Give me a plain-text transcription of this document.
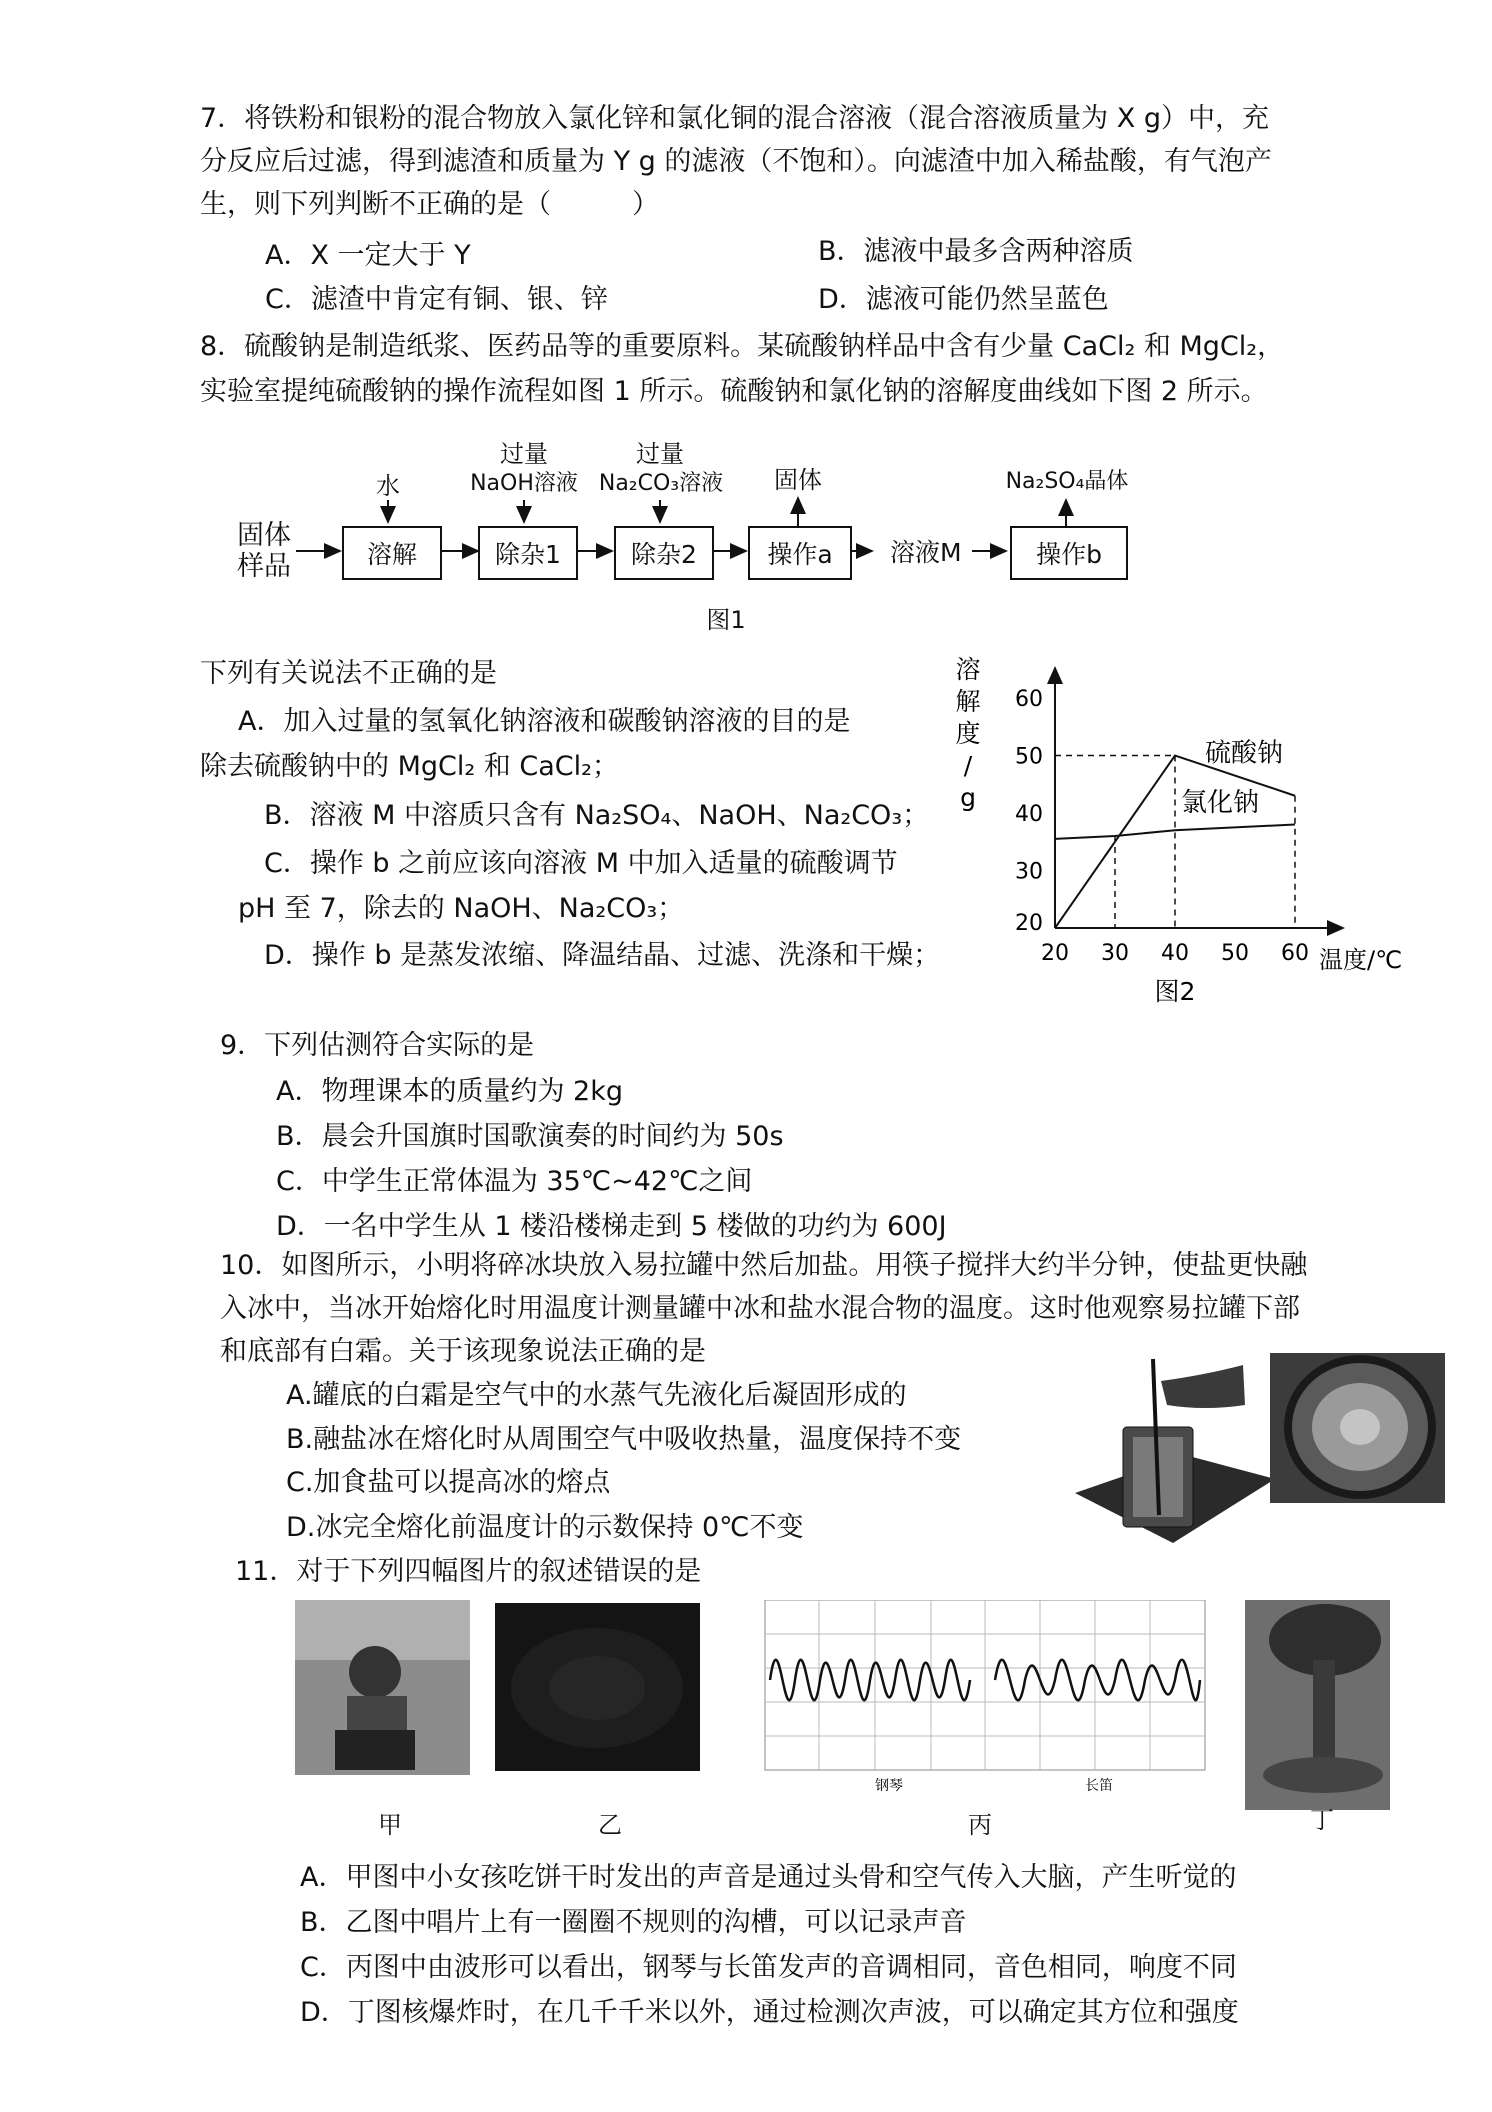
7．将铁粉和银粉的混合物放入氯化锌和氯化铜的混合溶液（混合溶液质量为 X g）中，充
分反应后过滤，得到滤渣和质量为 Y g 的滤液（不饱和）。向滤渣中加入稀盐酸，有气泡产
生，则下列判断不正确的是（　　　）
A．X 一定大于 Y	B．滤液中最多含两种溶质
C．滤渣中肯定有铜、银、锌	D．滤液可能仍然呈蓝色
8．硫酸钠是制造纸浆、医药品等的重要原料。某硫酸钠样品中含有少量 CaCl₂ 和 MgCl₂，
实验室提纯硫酸钠的操作流程如图 1 所示。硫酸钠和氯化钠的溶解度曲线如下图 2 所示。
固体样品	溶解	除杂1	除杂2	操作a	操作b
溶液M
水
过量
NaOH溶液
过量
Na₂CO₃溶液	固体	Na₂SO₄晶体
图1
下列有关说法不正确的是
A．加入过量的氢氧化钠溶液和碳酸钠溶液的目的是
除去硫酸钠中的 MgCl₂ 和 CaCl₂；
B．溶液 M 中溶质只含有 Na₂SO₄、NaOH、Na₂CO₃；
C．操作 b 之前应该向溶液 M 中加入适量的硫酸调节
pH 至 7，除去的 NaOH、Na₂CO₃；
D．操作 b 是蒸发浓缩、降温结晶、过滤、洗涤和干燥；
溶
解
度
/
g
温度/℃
20 30 40 50 60
30
40
50
60
20
硫酸钠
氯化钠
图2
9．下列估测符合实际的是
A．物理课本的质量约为 2kg
B．晨会升国旗时国歌演奏的时间约为 50s
C．中学生正常体温为 35℃~42℃之间
D．一名中学生从 1 楼沿楼梯走到 5 楼做的功约为 600J
10．如图所示，小明将碎冰块放入易拉罐中然后加盐。用筷子搅拌大约半分钟，使盐更快融
入冰中，当冰开始熔化时用温度计测量罐中冰和盐水混合物的温度。这时他观察易拉罐下部
和底部有白霜。关于该现象说法正确的是
A.罐底的白霜是空气中的水蒸气先液化后凝固形成的
B.融盐冰在熔化时从周围空气中吸收热量，温度保持不变
C.加食盐可以提高冰的熔点
D.冰完全熔化前温度计的示数保持 0℃不变
11．对于下列四幅图片的叙述错误的是
钢琴	长笛
甲	乙	丙	丁
A．甲图中小女孩吃饼干时发出的声音是通过头骨和空气传入大脑，产生听觉的
B．乙图中唱片上有一圈圈不规则的沟槽，可以记录声音
C．丙图中由波形可以看出，钢琴与长笛发声的音调相同，音色相同，响度不同
D．丁图核爆炸时，在几千千米以外，通过检测次声波，可以确定其方位和强度
